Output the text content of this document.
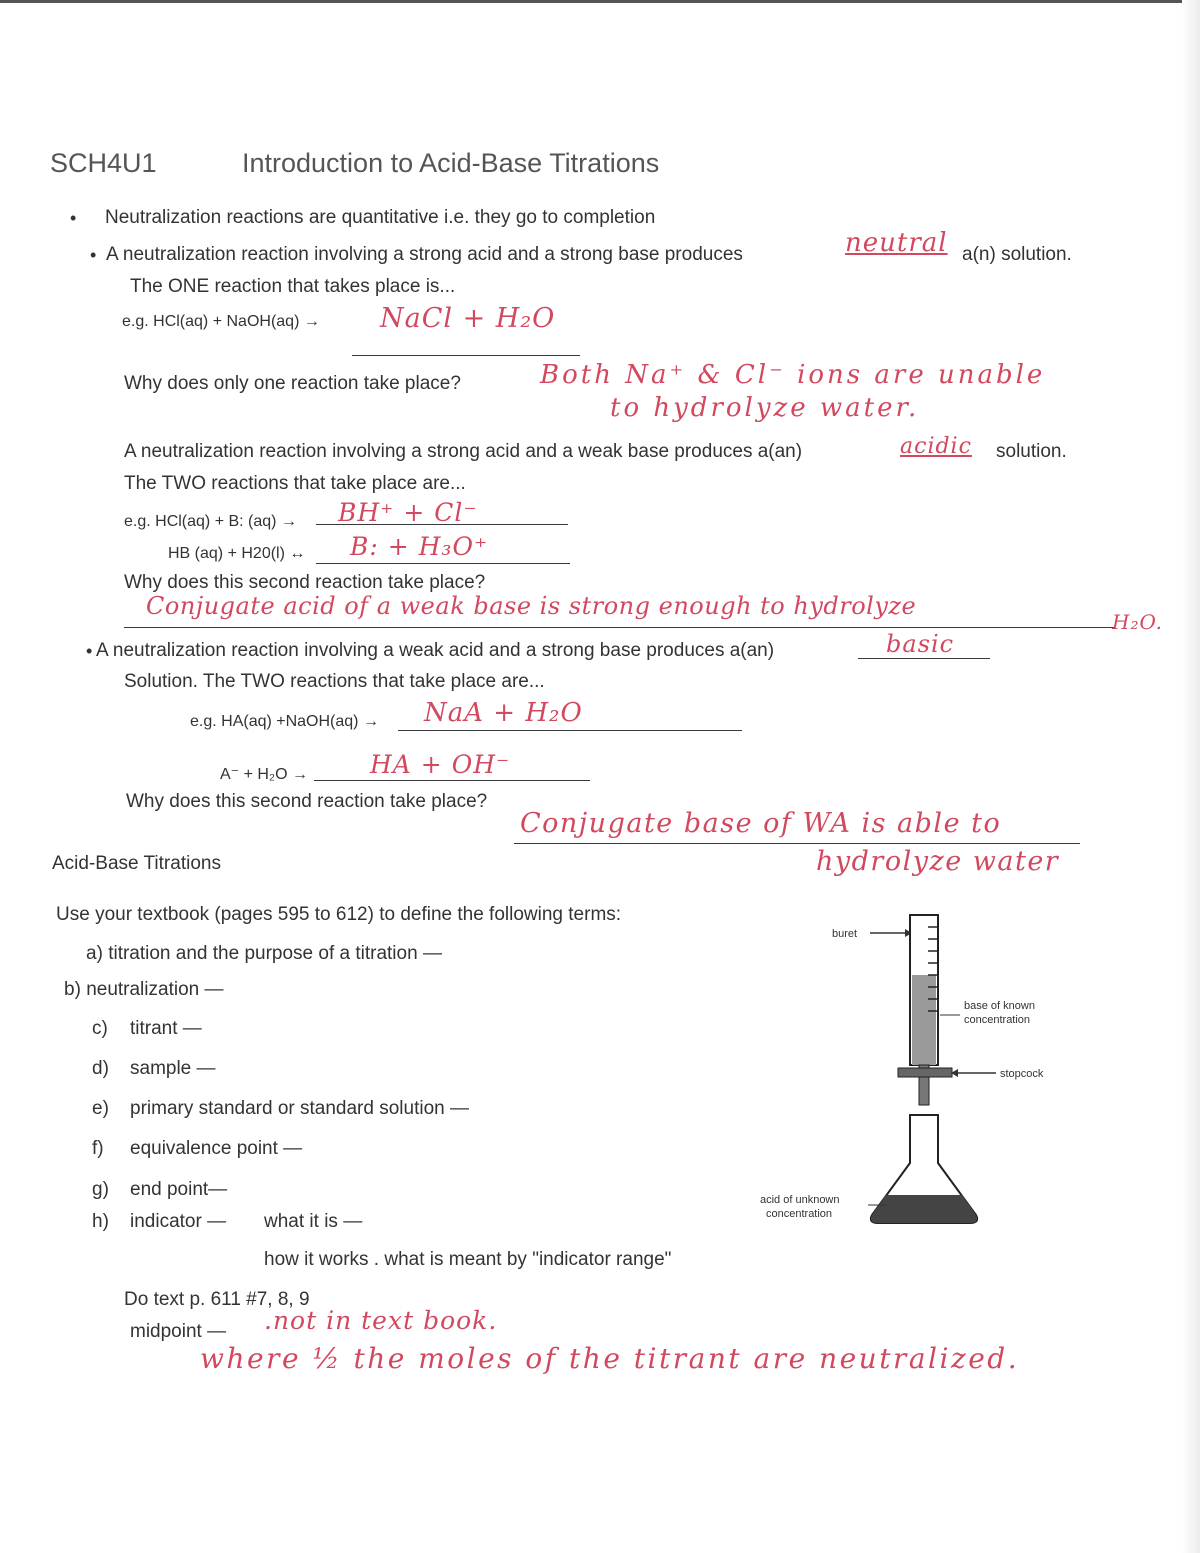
SCH4U1	Introduction to Acid-Base Titrations
• Neutralization reactions are quantitative i.e. they go to completion
• A neutralization reaction involving a strong acid and a strong base produces	neutral a(n) solution.
The ONE reaction that takes place is...
e.g. HCl(aq) + NaOH(aq) → NaCl + H₂O
Why does only one reaction take place?	Both Na⁺ & Cl⁻ ions are unable
to hydrolyze water.
A neutralization reaction involving a strong acid and a weak base produces a(an)	acidic solution.
The TWO reactions that take place are...
e.g. HCl(aq) + B: (aq) → BH⁺ + Cl⁻
HB (aq) + H20(l) ↔ B: + H₃O⁺
Why does this second reaction take place?
Conjugate acid of a weak base is strong enough to hydrolyze
H₂O.
• A neutralization reaction involving a weak acid and a strong base produces a(an)	basic
Solution. The TWO reactions that take place are...
e.g. HA(aq) +NaOH(aq) → NaA + H₂O
A⁻ + H₂O → HA + OH⁻
Why does this second reaction take place?
Conjugate base of WA is able to
hydrolyze water
Acid-Base Titrations
Use your textbook (pages 595 to 612) to define the following terms:
a) titration and the purpose of a titration —
b) neutralization —
c) titrant —
d) sample —
e) primary standard or standard solution —
f) equivalence point —
g) end point—
h) indicator — what it is —
how it works . what is meant by "indicator range"
Do text p. 611 #7, 8, 9
midpoint — .not in text book.
where ½ the moles of the titrant are neutralized.
buret
base of known
concentration
stopcock
acid of unknown
concentration
